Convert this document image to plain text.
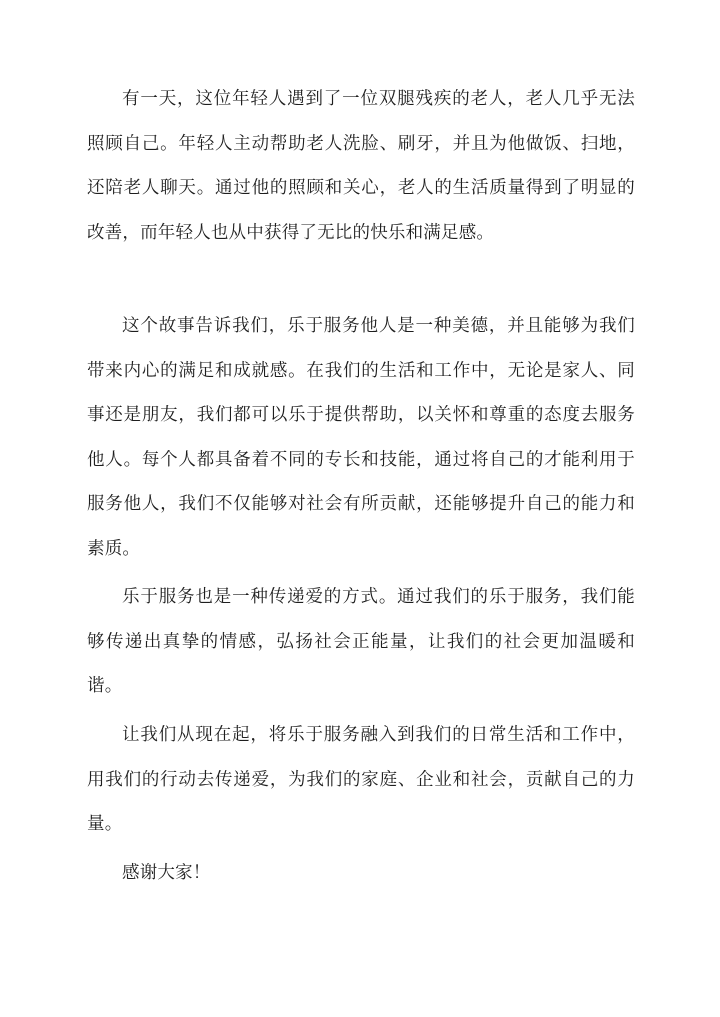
有一天，这位年轻人遇到了一位双腿残疾的老人，老人几乎无法照顾自己。年轻人主动帮助老人洗脸、刷牙，并且为他做饭、扫地，还陪老人聊天。通过他的照顾和关心，老人的生活质量得到了明显的改善，而年轻人也从中获得了无比的快乐和满足感。

这个故事告诉我们，乐于服务他人是一种美德，并且能够为我们带来内心的满足和成就感。在我们的生活和工作中，无论是家人、同事还是朋友，我们都可以乐于提供帮助，以关怀和尊重的态度去服务他人。每个人都具备着不同的专长和技能，通过将自己的才能利用于服务他人，我们不仅能够对社会有所贡献，还能够提升自己的能力和素质。

乐于服务也是一种传递爱的方式。通过我们的乐于服务，我们能够传递出真挚的情感，弘扬社会正能量，让我们的社会更加温暖和谐。

让我们从现在起，将乐于服务融入到我们的日常生活和工作中，用我们的行动去传递爱，为我们的家庭、企业和社会，贡献自己的力量。

感谢大家！
